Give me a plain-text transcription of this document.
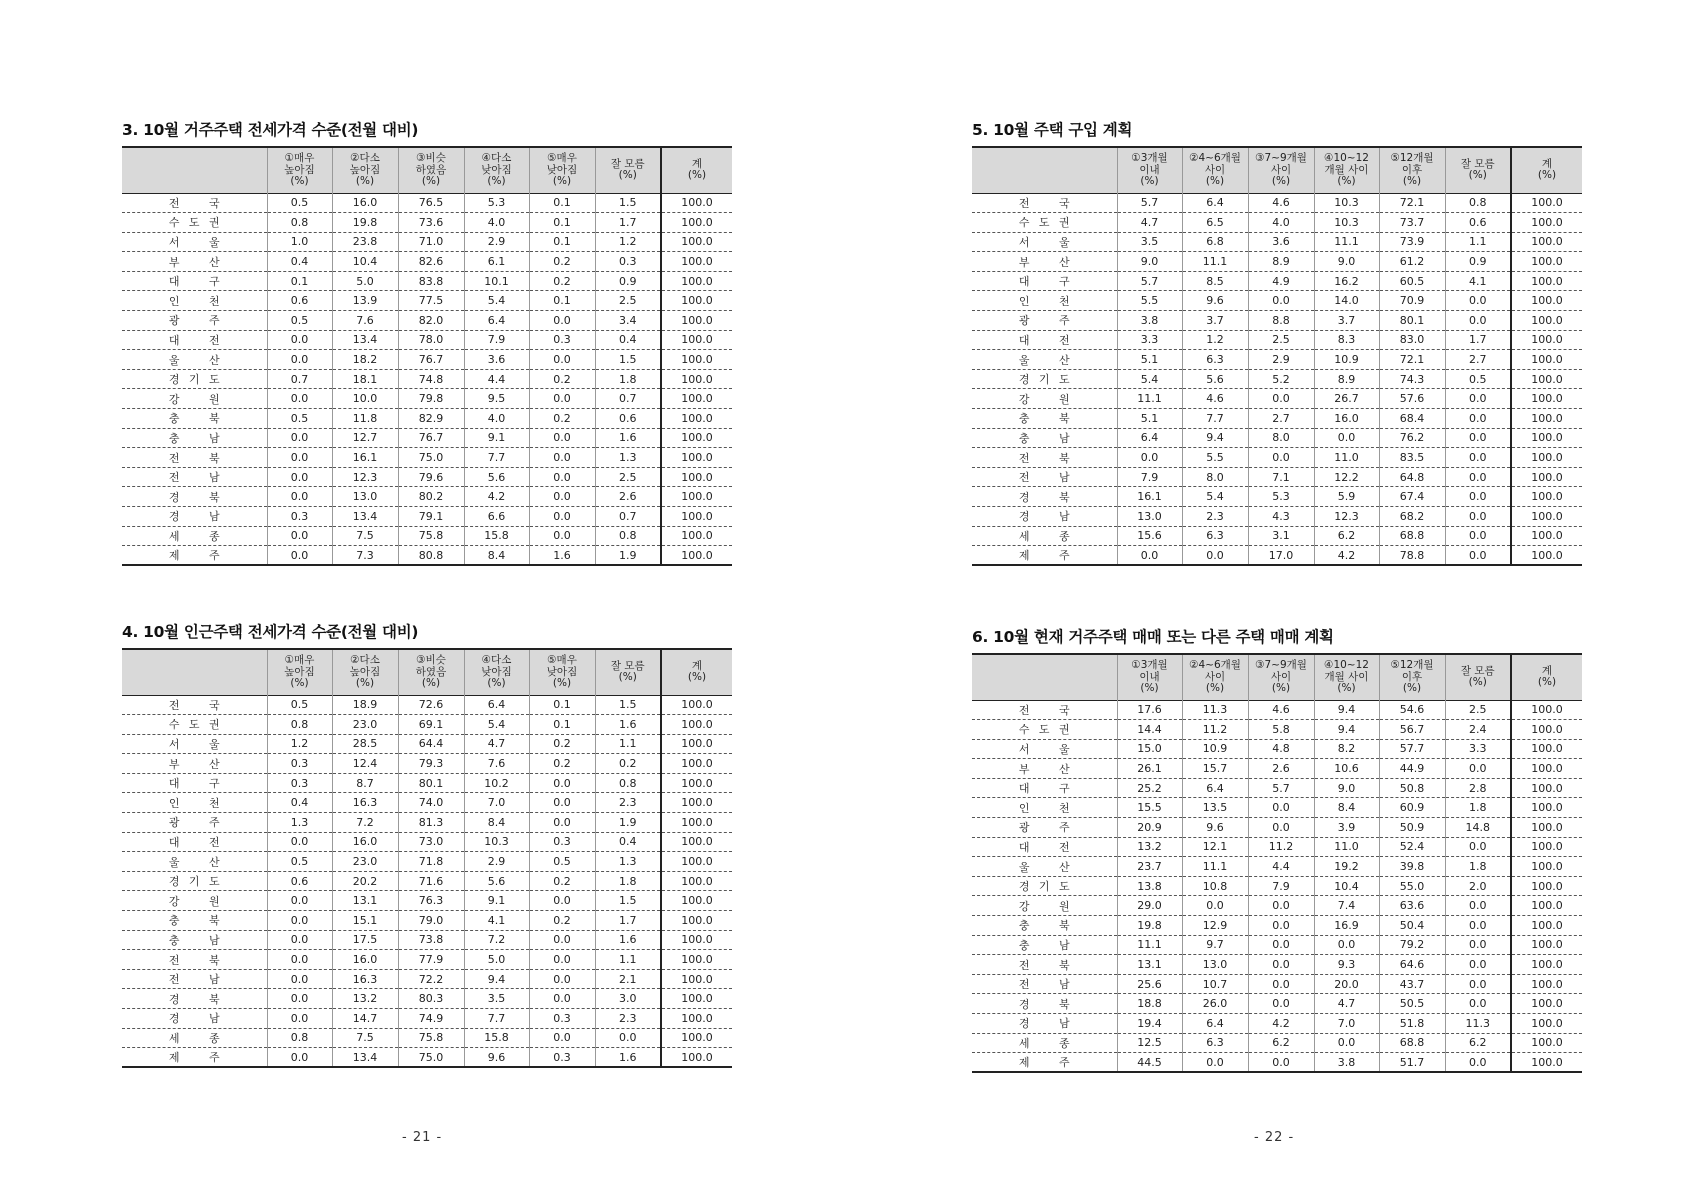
3. 10월 거주주택 전세가격 수준(전월 대비)
	①매우
높아짐
(%)	②다소
높아짐
(%)	③비슷
하였음
(%)	④다소
낮아짐
(%)	⑤매우
낮아짐
(%)	잘 모름
(%)	계
(%)
전 국	0.5	16.0	76.5	5.3	0.1	1.5	100.0
수 도 권	0.8	19.8	73.6	4.0	0.1	1.7	100.0
서 울	1.0	23.8	71.0	2.9	0.1	1.2	100.0
부 산	0.4	10.4	82.6	6.1	0.2	0.3	100.0
대 구	0.1	5.0	83.8	10.1	0.2	0.9	100.0
인 천	0.6	13.9	77.5	5.4	0.1	2.5	100.0
광 주	0.5	7.6	82.0	6.4	0.0	3.4	100.0
대 전	0.0	13.4	78.0	7.9	0.3	0.4	100.0
울 산	0.0	18.2	76.7	3.6	0.0	1.5	100.0
경 기 도	0.7	18.1	74.8	4.4	0.2	1.8	100.0
강 원	0.0	10.0	79.8	9.5	0.0	0.7	100.0
충 북	0.5	11.8	82.9	4.0	0.2	0.6	100.0
충 남	0.0	12.7	76.7	9.1	0.0	1.6	100.0
전 북	0.0	16.1	75.0	7.7	0.0	1.3	100.0
전 남	0.0	12.3	79.6	5.6	0.0	2.5	100.0
경 북	0.0	13.0	80.2	4.2	0.0	2.6	100.0
경 남	0.3	13.4	79.1	6.6	0.0	0.7	100.0
세 종	0.0	7.5	75.8	15.8	0.0	0.8	100.0
제 주	0.0	7.3	80.8	8.4	1.6	1.9	100.0
4. 10월 인근주택 전세가격 수준(전월 대비)
	①매우
높아짐
(%)	②다소
높아짐
(%)	③비슷
하였음
(%)	④다소
낮아짐
(%)	⑤매우
낮아짐
(%)	잘 모름
(%)	계
(%)
전 국	0.5	18.9	72.6	6.4	0.1	1.5	100.0
수 도 권	0.8	23.0	69.1	5.4	0.1	1.6	100.0
서 울	1.2	28.5	64.4	4.7	0.2	1.1	100.0
부 산	0.3	12.4	79.3	7.6	0.2	0.2	100.0
대 구	0.3	8.7	80.1	10.2	0.0	0.8	100.0
인 천	0.4	16.3	74.0	7.0	0.0	2.3	100.0
광 주	1.3	7.2	81.3	8.4	0.0	1.9	100.0
대 전	0.0	16.0	73.0	10.3	0.3	0.4	100.0
울 산	0.5	23.0	71.8	2.9	0.5	1.3	100.0
경 기 도	0.6	20.2	71.6	5.6	0.2	1.8	100.0
강 원	0.0	13.1	76.3	9.1	0.0	1.5	100.0
충 북	0.0	15.1	79.0	4.1	0.2	1.7	100.0
충 남	0.0	17.5	73.8	7.2	0.0	1.6	100.0
전 북	0.0	16.0	77.9	5.0	0.0	1.1	100.0
전 남	0.0	16.3	72.2	9.4	0.0	2.1	100.0
경 북	0.0	13.2	80.3	3.5	0.0	3.0	100.0
경 남	0.0	14.7	74.9	7.7	0.3	2.3	100.0
세 종	0.8	7.5	75.8	15.8	0.0	0.0	100.0
제 주	0.0	13.4	75.0	9.6	0.3	1.6	100.0
5. 10월 주택 구입 계획
	①3개월
이내
(%)	②4~6개월
사이
(%)	③7~9개월
사이
(%)	④10~12
개월 사이
(%)	⑤12개월
이후
(%)	잘 모름
(%)	계
(%)
전 국	5.7	6.4	4.6	10.3	72.1	0.8	100.0
수 도 권	4.7	6.5	4.0	10.3	73.7	0.6	100.0
서 울	3.5	6.8	3.6	11.1	73.9	1.1	100.0
부 산	9.0	11.1	8.9	9.0	61.2	0.9	100.0
대 구	5.7	8.5	4.9	16.2	60.5	4.1	100.0
인 천	5.5	9.6	0.0	14.0	70.9	0.0	100.0
광 주	3.8	3.7	8.8	3.7	80.1	0.0	100.0
대 전	3.3	1.2	2.5	8.3	83.0	1.7	100.0
울 산	5.1	6.3	2.9	10.9	72.1	2.7	100.0
경 기 도	5.4	5.6	5.2	8.9	74.3	0.5	100.0
강 원	11.1	4.6	0.0	26.7	57.6	0.0	100.0
충 북	5.1	7.7	2.7	16.0	68.4	0.0	100.0
충 남	6.4	9.4	8.0	0.0	76.2	0.0	100.0
전 북	0.0	5.5	0.0	11.0	83.5	0.0	100.0
전 남	7.9	8.0	7.1	12.2	64.8	0.0	100.0
경 북	16.1	5.4	5.3	5.9	67.4	0.0	100.0
경 남	13.0	2.3	4.3	12.3	68.2	0.0	100.0
세 종	15.6	6.3	3.1	6.2	68.8	0.0	100.0
제 주	0.0	0.0	17.0	4.2	78.8	0.0	100.0
6. 10월 현재 거주주택 매매 또는 다른 주택 매매 계획
	①3개월
이내
(%)	②4~6개월
사이
(%)	③7~9개월
사이
(%)	④10~12
개월 사이
(%)	⑤12개월
이후
(%)	잘 모름
(%)	계
(%)
전 국	17.6	11.3	4.6	9.4	54.6	2.5	100.0
수 도 권	14.4	11.2	5.8	9.4	56.7	2.4	100.0
서 울	15.0	10.9	4.8	8.2	57.7	3.3	100.0
부 산	26.1	15.7	2.6	10.6	44.9	0.0	100.0
대 구	25.2	6.4	5.7	9.0	50.8	2.8	100.0
인 천	15.5	13.5	0.0	8.4	60.9	1.8	100.0
광 주	20.9	9.6	0.0	3.9	50.9	14.8	100.0
대 전	13.2	12.1	11.2	11.0	52.4	0.0	100.0
울 산	23.7	11.1	4.4	19.2	39.8	1.8	100.0
경 기 도	13.8	10.8	7.9	10.4	55.0	2.0	100.0
강 원	29.0	0.0	0.0	7.4	63.6	0.0	100.0
충 북	19.8	12.9	0.0	16.9	50.4	0.0	100.0
충 남	11.1	9.7	0.0	0.0	79.2	0.0	100.0
전 북	13.1	13.0	0.0	9.3	64.6	0.0	100.0
전 남	25.6	10.7	0.0	20.0	43.7	0.0	100.0
경 북	18.8	26.0	0.0	4.7	50.5	0.0	100.0
경 남	19.4	6.4	4.2	7.0	51.8	11.3	100.0
세 종	12.5	6.3	6.2	0.0	68.8	6.2	100.0
제 주	44.5	0.0	0.0	3.8	51.7	0.0	100.0
- 21 -	- 22 -
